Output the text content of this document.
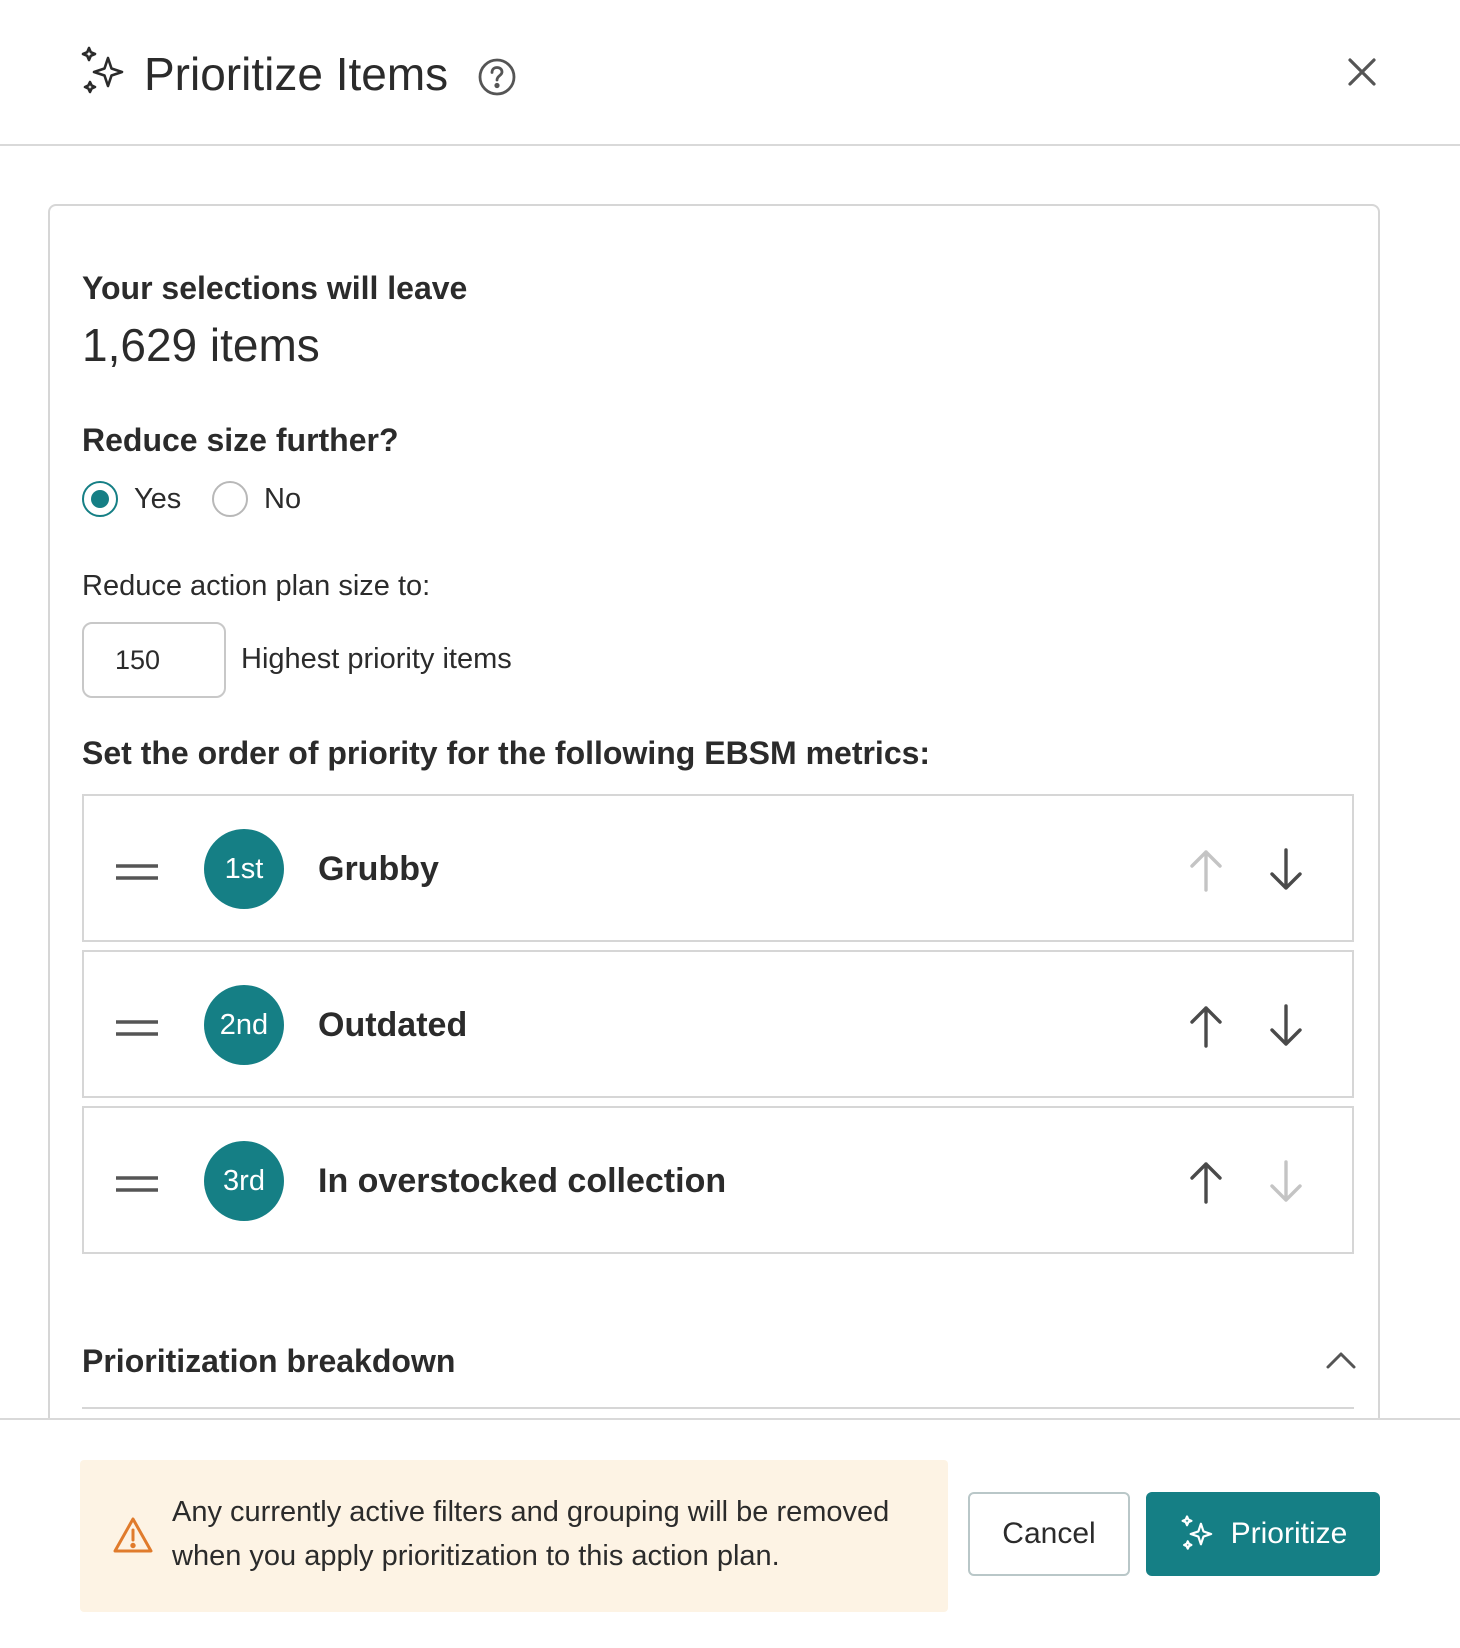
Prioritize Items
Your selections will leave
1,629 items
Reduce size further?
Yes	No
Reduce action plan size to:
150
Highest priority items
Set the order of priority for the following EBSM metrics:
1st	Grubby
2nd	Outdated
3rd	In overstocked collection
Prioritization breakdown
Any currently active filters and grouping will be removed when you apply prioritization to this action plan.
Cancel	Prioritize
